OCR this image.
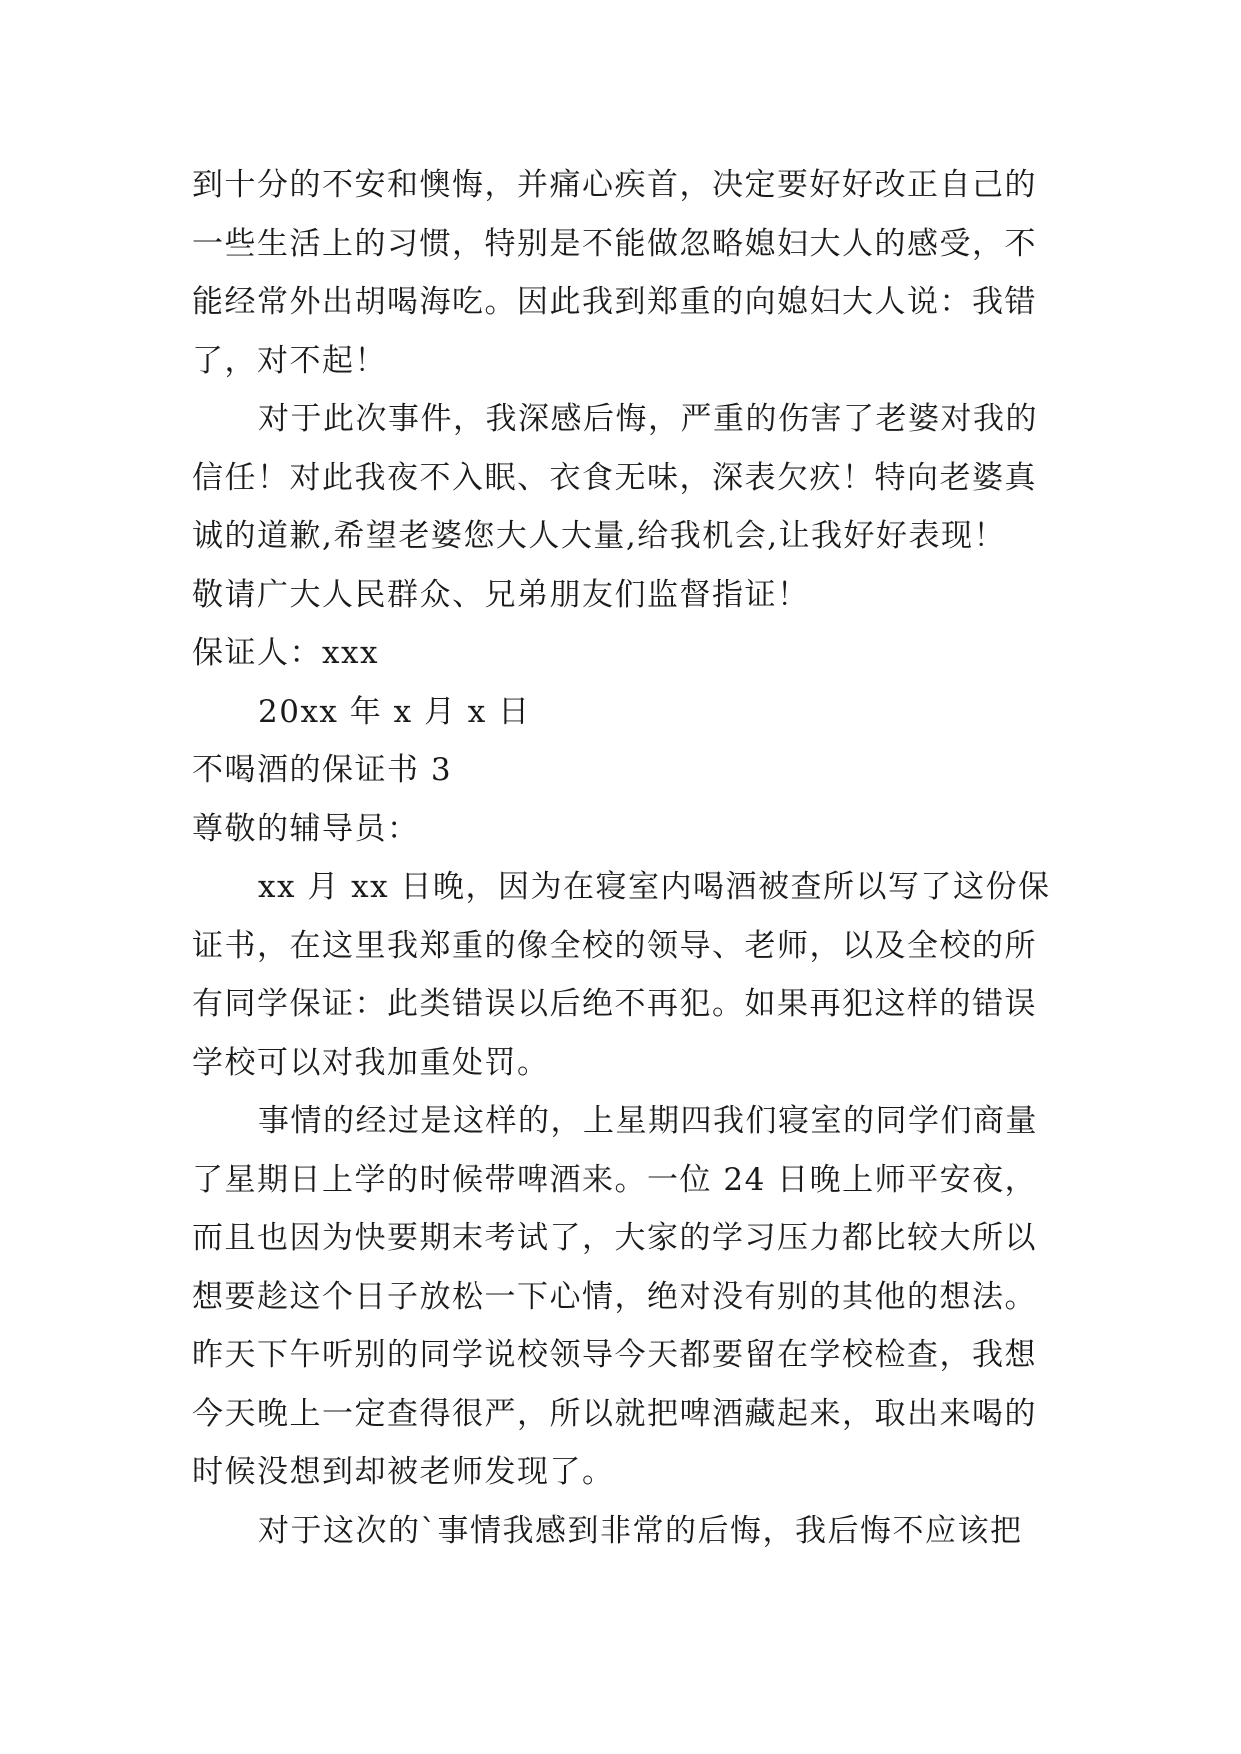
到十分的不安和懊悔，并痛心疾首，决定要好好改正自己的
一些生活上的习惯，特别是不能做忽略媳妇大人的感受，不
能经常外出胡喝海吃。因此我到郑重的向媳妇大人说：我错
了，对不起！
对于此次事件，我深感后悔，严重的伤害了老婆对我的
信任！对此我夜不入眠、衣食无味，深表欠疚！特向老婆真
诚的道歉,希望老婆您大人大量,给我机会,让我好好表现！
敬请广大人民群众、兄弟朋友们监督指证！
保证人：xxx
20xx 年 x 月 x 日
不喝酒的保证书 3
尊敬的辅导员：
xx 月 xx 日晚，因为在寝室内喝酒被查所以写了这份保
证书，在这里我郑重的像全校的领导、老师，以及全校的所
有同学保证：此类错误以后绝不再犯。如果再犯这样的错误
学校可以对我加重处罚。
事情的经过是这样的，上星期四我们寝室的同学们商量
了星期日上学的时候带啤酒来。一位 24 日晚上师平安夜，
而且也因为快要期末考试了，大家的学习压力都比较大所以
想要趁这个日子放松一下心情，绝对没有别的其他的想法。
昨天下午听别的同学说校领导今天都要留在学校检查，我想
今天晚上一定查得很严，所以就把啤酒藏起来，取出来喝的
时候没想到却被老师发现了。
对于这次的`事情我感到非常的后悔，我后悔不应该把
